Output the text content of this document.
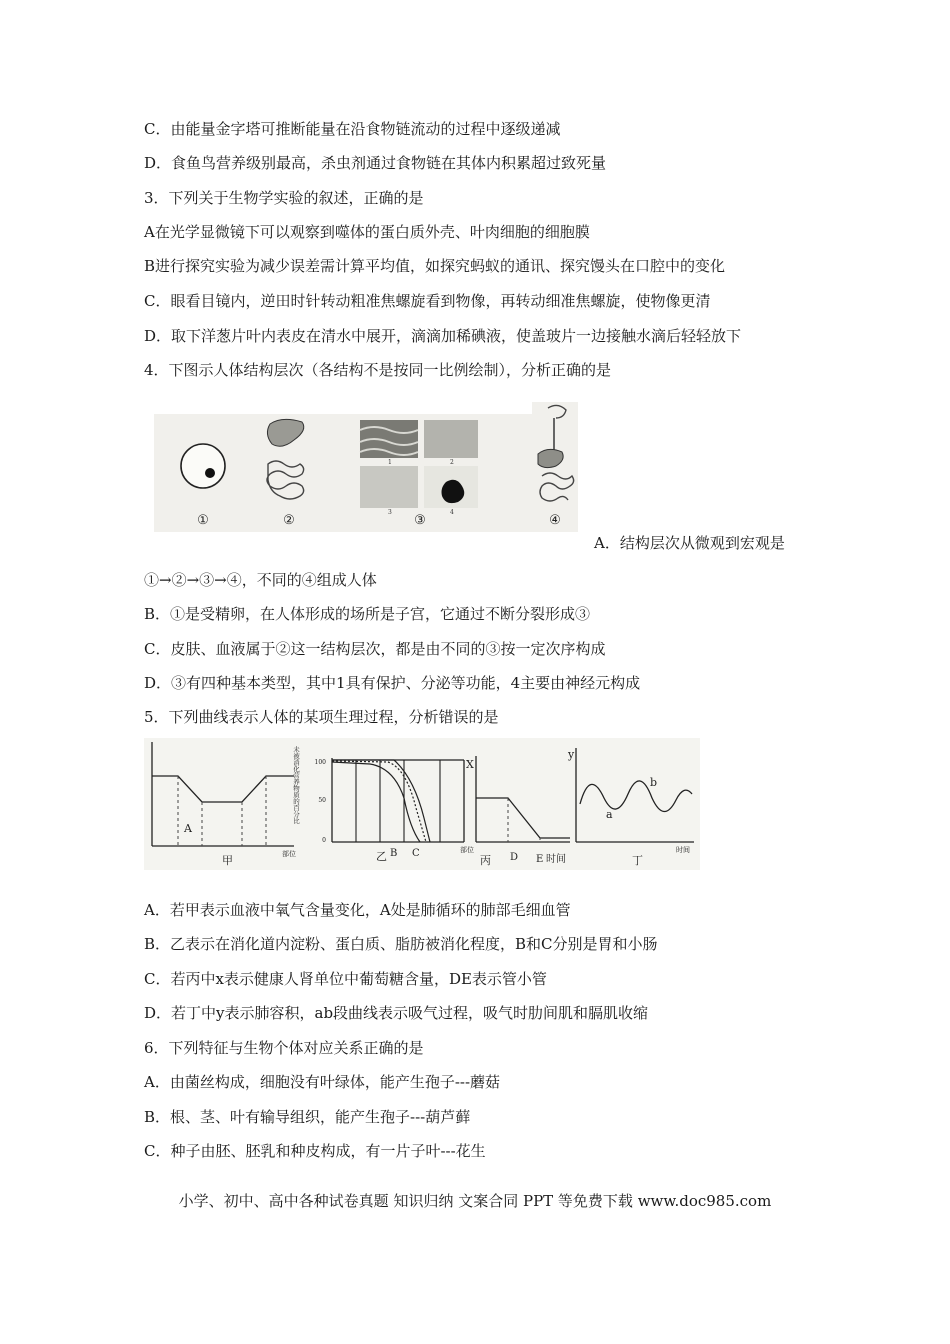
C．由能量金字塔可推断能量在沿食物链流动的过程中逐级递减
D．食鱼鸟营养级别最高，杀虫剂通过食物链在其体内积累超过致死量
3．下列关于生物学实验的叙述，正确的是
A在光学显微镜下可以观察到噬体的蛋白质外壳、叶肉细胞的细胞膜
B进行探究实验为减少误差需计算平均值，如探究蚂蚁的通讯、探究馒头在口腔中的变化
C．眼看目镜内，逆田时针转动粗准焦螺旋看到物像，再转动细准焦螺旋，使物像更清
D．取下洋葱片叶内表皮在清水中展开，滴滴加稀碘液，使盖玻片一边接触水滴后轻轻放下
4．下图示人体结构层次（各结构不是按同一比例绘制），分析正确的是
1	2
3	4
①	②	③	④
A．结构层次从微观到宏观是
①→②→③→④，不同的④组成人体
B．①是受精卵，在人体形成的场所是子宫，它通过不断分裂形成③
C．皮肤、血液属于②这一结构层次，都是由不同的③按一定次序构成
D．③有四种基本类型，其中1具有保护、分泌等功能，4主要由神经元构成
5．下列曲线表示人体的某项生理过程，分析错误的是
A
部位
甲
未被消化营养物质的百分比 100
50
0
部位
乙 B C
X
丙 D E 时间
y
a
b
丁
时间
A．若甲表示血液中氧气含量变化，A处是肺循环的肺部毛细血管
B．乙表示在消化道内淀粉、蛋白质、脂肪被消化程度，B和C分别是胃和小肠
C．若丙中x表示健康人肾单位中葡萄糖含量，DE表示管小管
D．若丁中y表示肺容积，ab段曲线表示吸气过程，吸气时肋间肌和膈肌收缩
6．下列特征与生物个体对应关系正确的是
A．由菌丝构成，细胞没有叶绿体，能产生孢子---蘑菇
B．根、茎、叶有输导组织，能产生孢子---葫芦藓
C．种子由胚、胚乳和种皮构成，有一片子叶---花生
小学、初中、高中各种试卷真题 知识归纳 文案合同 PPT 等免费下载 www.doc985.com
